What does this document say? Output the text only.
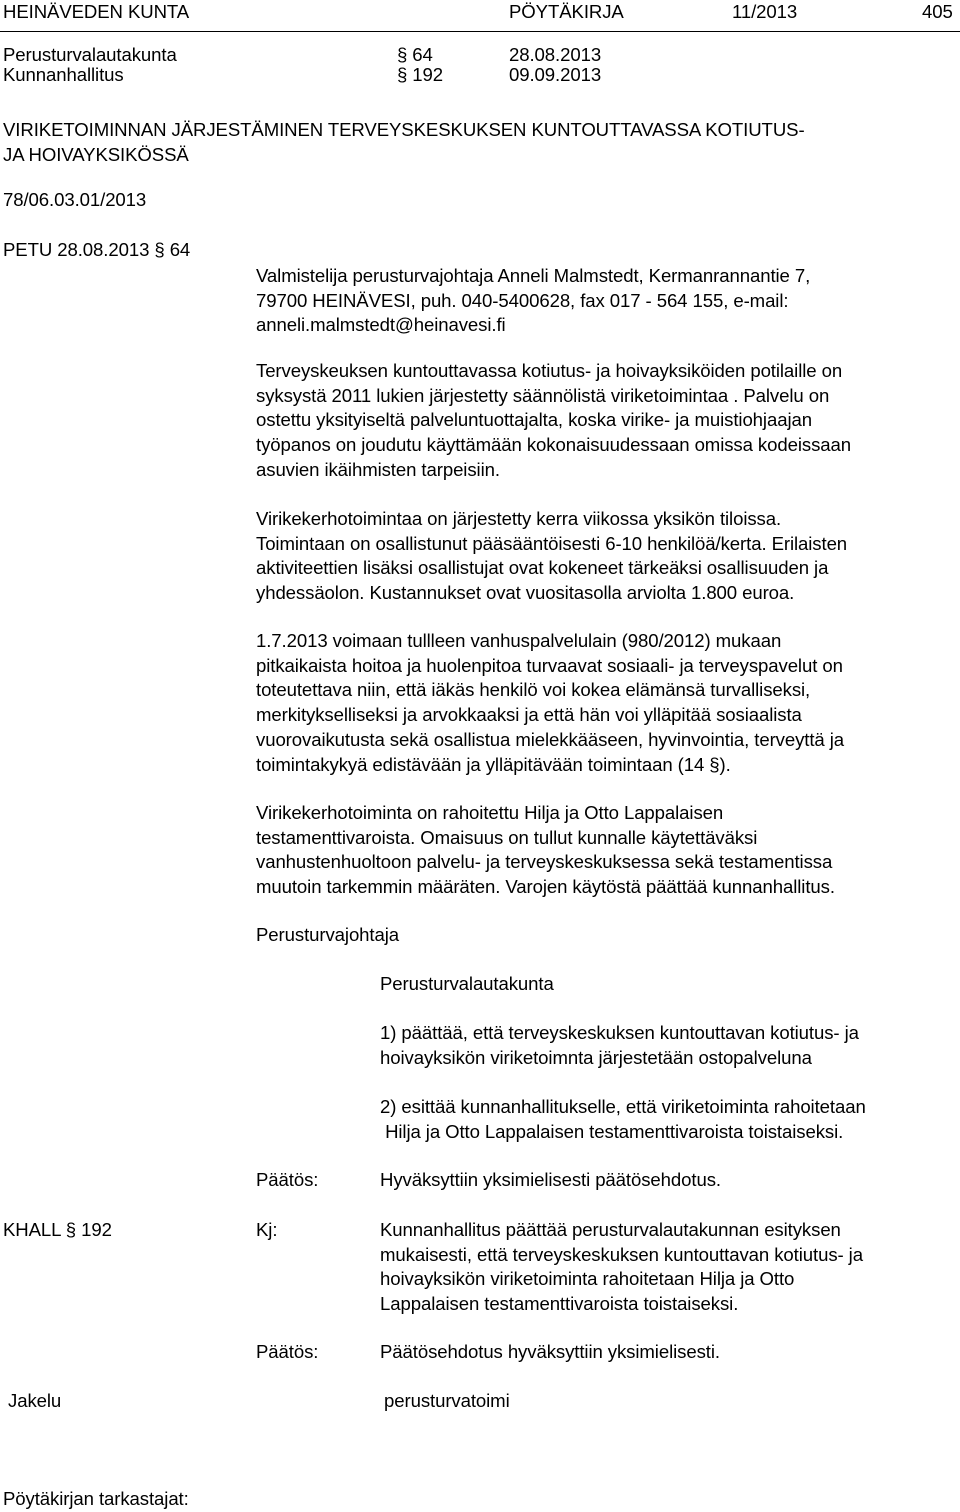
HEINÄVEDEN KUNTA	PÖYTÄKIRJA	11/2013	405
Perusturvalautakunta	§ 64	28.08.2013
Kunnanhallitus	§ 192	09.09.2013
VIRIKETOIMINNAN JÄRJESTÄMINEN TERVEYSKESKUKSEN KUNTOUTTAVASSA KOTIUTUS-
JA HOIVAYKSIKÖSSÄ
78/06.03.01/2013
PETU 28.08.2013 § 64
Valmistelija perusturvajohtaja Anneli Malmstedt, Kermanrannantie 7,
79700 HEINÄVESI, puh. 040-5400628, fax 017 - 564 155, e-mail:
anneli.malmstedt@heinavesi.fi
Terveyskeuksen kuntouttavassa kotiutus- ja hoivayksiköiden potilaille on
syksystä 2011 lukien järjestetty säännölistä viriketoimintaa . Palvelu on
ostettu yksityiseltä palveluntuottajalta, koska virike- ja muistiohjaajan
työpanos on joudutu käyttämään kokonaisuudessaan omissa kodeissaan
asuvien ikäihmisten tarpeisiin.
Virikekerhotoimintaa on järjestetty kerra viikossa yksikön tiloissa.
Toimintaan on osallistunut pääsääntöisesti 6-10 henkilöä/kerta. Erilaisten
aktiviteettien lisäksi osallistujat ovat kokeneet tärkeäksi osallisuuden ja
yhdessäolon. Kustannukset ovat vuositasolla arviolta 1.800 euroa.
1.7.2013 voimaan tullleen vanhuspalvelulain (980/2012) mukaan
pitkaikaista hoitoa ja huolenpitoa turvaavat sosiaali- ja terveyspavelut on
toteutettava niin, että iäkäs henkilö voi kokea elämänsä turvalliseksi,
merkitykselliseksi ja arvokkaaksi ja että hän voi ylläpitää sosiaalista
vuorovaikutusta sekä osallistua mielekkääseen, hyvinvointia, terveyttä ja
toimintakykyä edistävään ja ylläpitävään toimintaan (14 §).
Virikekerhotoiminta on rahoitettu Hilja ja Otto Lappalaisen
testamenttivaroista. Omaisuus on tullut kunnalle käytettäväksi
vanhustenhuoltoon palvelu- ja terveyskeskuksessa sekä testamentissa
muutoin tarkemmin määräten. Varojen käytöstä päättää kunnanhallitus.
Perusturvajohtaja
Perusturvalautakunta
1) päättää, että terveyskeskuksen kuntouttavan kotiutus- ja
hoivayksikön viriketoimnta järjestetään ostopalveluna
2) esittää kunnanhallitukselle, että viriketoiminta rahoitetaan
Hilja ja Otto Lappalaisen testamenttivaroista toistaiseksi.
Päätös:	Hyväksyttiin yksimielisesti päätösehdotus.
KHALL § 192	Kj:	Kunnanhallitus päättää perusturvalautakunnan esityksen
mukaisesti, että terveyskeskuksen kuntouttavan kotiutus- ja
hoivayksikön viriketoiminta rahoitetaan Hilja ja Otto
Lappalaisen testamenttivaroista toistaiseksi.
Päätös:	Päätösehdotus hyväksyttiin yksimielisesti.
Jakelu	perusturvatoimi
Pöytäkirjan tarkastajat:
